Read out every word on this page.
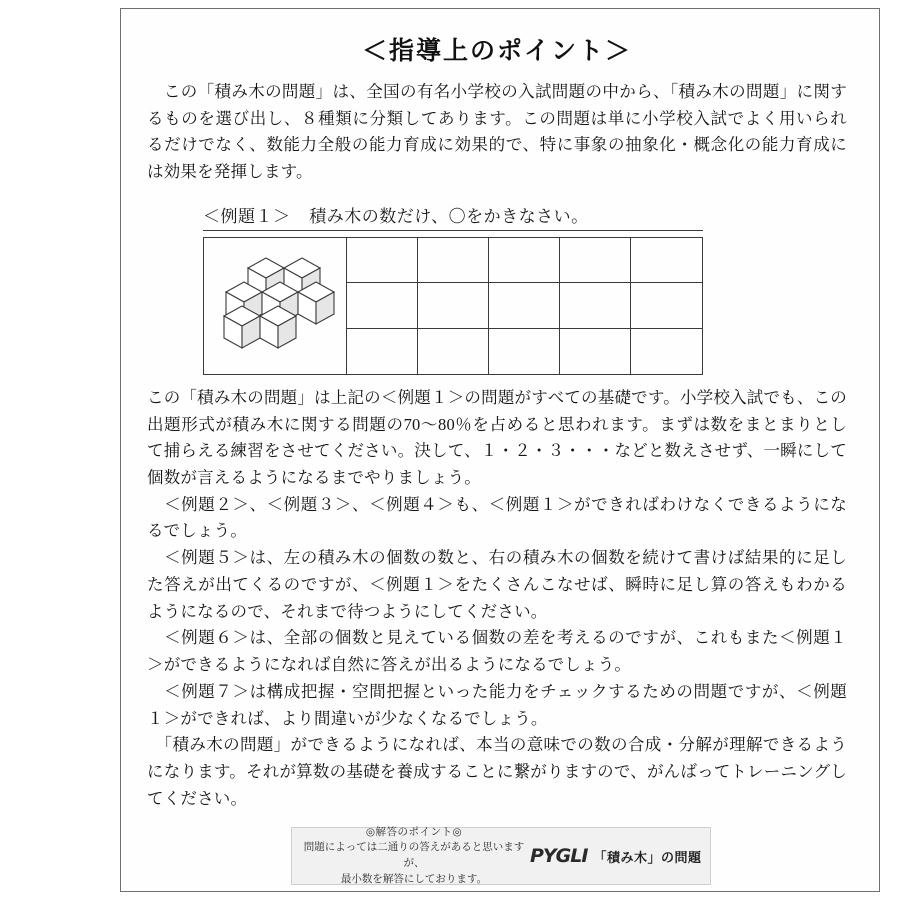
＜指導上のポイント＞

　この「積み木の問題」は、全国の有名小学校の入試問題の中から、「積み木の問題」に関するものを選び出し、８種類に分類してあります。この問題は単に小学校入試でよく用いられるだけでなく、数能力全般の能力育成に効果的で、特に事象の抽象化・概念化の能力育成には効果を発揮します。

＜例題１＞ 積み木の数だけ、〇をかきなさい。

この「積み木の問題」は上記の＜例題１＞の問題がすべての基礎です。小学校入試でも、この出題形式が積み木に関する問題の70〜80％を占めると思われます。まずは数をまとまりとして捕らえる練習をさせてください。決して、１・２・３・・・などと数えさせず、一瞬にして個数が言えるようになるまでやりましょう。

　＜例題２＞、＜例題３＞、＜例題４＞も、＜例題１＞ができればわけなくできるようになるでしょう。

　＜例題５＞は、左の積み木の個数の数と、右の積み木の個数を続けて書けば結果的に足した答えが出てくるのですが、＜例題１＞をたくさんこなせば、瞬時に足し算の答えもわかるようになるので、それまで待つようにしてください。

　＜例題６＞は、全部の個数と見えている個数の差を考えるのですが、これもまた＜例題１＞ができるようになれば自然に答えが出るようになるでしょう。

　＜例題７＞は構成把握・空間把握といった能力をチェックするための問題ですが、＜例題１＞ができれば、より間違いが少なくなるでしょう。

　「積み木の問題」ができるようになれば、本当の意味での数の合成・分解が理解できるようになります。それが算数の基礎を養成することに繋がりますので、がんばってトレーニングしてください。

◎解答のポイント◎
問題によっては二通りの答えがあると思いますが、
最小数を解答にしております。
PYGLI 「積み木」の問題
